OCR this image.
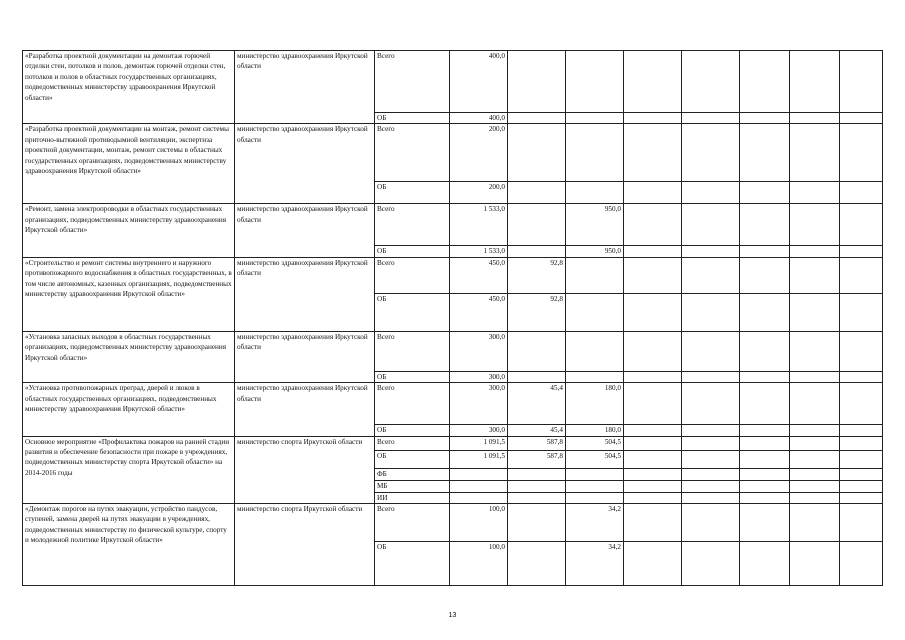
«Разработка проектной документации на демонтаж горючей отделки стен, потолков и полов, демонтаж горючей отделки стен, потолков и полов в областных государственных организациях, подведомственных министерству здравоохранения Иркутской области»	министерство здравоохранения Иркутской области	Всего	400,0							
		ОБ	400,0							
«Разработка проектной документации на монтаж, ремонт системы приточно-вытяжной противодымной вентиляции, экспертиза проектной документации, монтаж, ремонт системы в областных государственных организациях, подведомственных министерству здравоохранения Иркутской области»	министерство здравоохранения Иркутской области	Всего	200,0							
		ОБ	200,0							
«Ремонт, замена электропроводки в областных государственных организациях, подведомственных министерству здравоохранения Иркутской области»	министерство здравоохранения Иркутской области	Всего	1 533,0		950,0					
		ОБ	1 533,0		950,0					
«Строительство и ремонт системы внутреннего и наружного противопожарного водоснабжения в областных государственных, в том числе автономных, казенных организациях, подведомственных министерству здравоохранения Иркутской области»	министерство здравоохранения Иркутской области	Всего	450,0	92,8						
		ОБ	450,0	92,8						
«Установка запасных выходов в областных государственных организациях, подведомственных министерству здравоохранения Иркутской области»	министерство здравоохранения Иркутской области	Всего	300,0							
		ОБ	300,0							
«Установка противопожарных преград, дверей и люков в областных государственных организациях, подведомственных министерству здравоохранения Иркутской области»	министерство здравоохранения Иркутской области	Всего	300,0	45,4	180,0					
		ОБ	300,0	45,4	180,0					
Основное мероприятие «Профилактика пожаров на ранней стадии развития и обеспечение безопасности при пожаре в учреждениях, подведомственных министерству спорта Иркутской области» на 2014-2016 годы	министерство спорта Иркутской области	Всего	1 091,5	587,8	504,5					
		ОБ	1 091,5	587,8	504,5					
		ФБ								
		МБ								
		ИИ								
«Демонтаж порогов на путях эвакуации, устройство пандусов, ступеней, замена дверей на путях эвакуации в учреждениях, подведомственных министерству по физической культуре, спорту и молодежной политике Иркутской области»	министерство спорта Иркутской области	Всего	100,0		34,2					
		ОБ	100,0		34,2					
13
